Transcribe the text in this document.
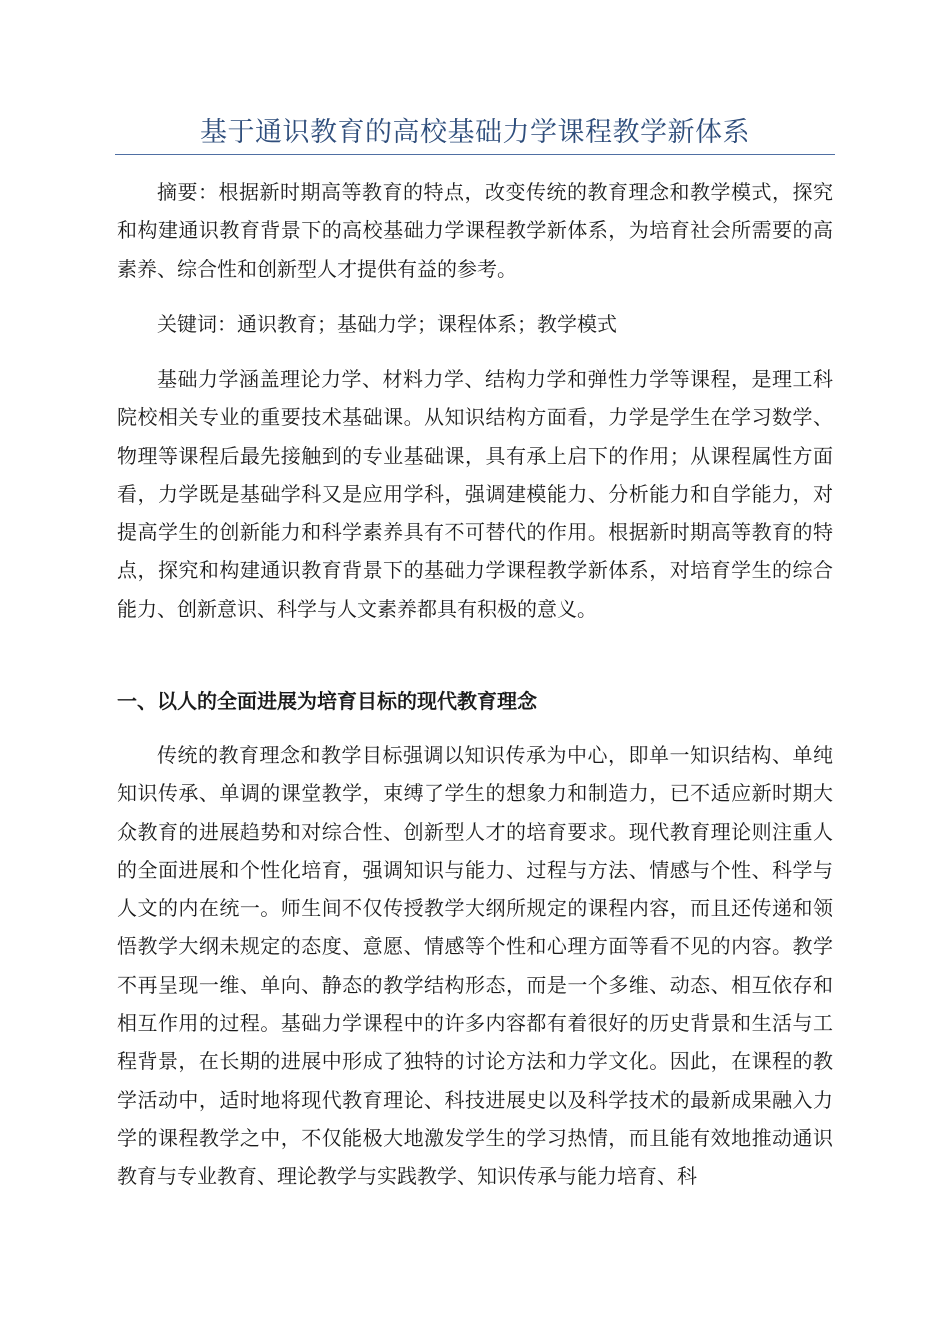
基于通识教育的高校基础力学课程教学新体系
摘要：根据新时期高等教育的特点，改变传统的教育理念和教学模式，探究和构建通识教育背景下的高校基础力学课程教学新体系，为培育社会所需要的高素养、综合性和创新型人才提供有益的参考。
关键词：通识教育；基础力学；课程体系；教学模式
基础力学涵盖理论力学、材料力学、结构力学和弹性力学等课程，是理工科院校相关专业的重要技术基础课。从知识结构方面看，力学是学生在学习数学、物理等课程后最先接触到的专业基础课，具有承上启下的作用；从课程属性方面看，力学既是基础学科又是应用学科，强调建模能力、分析能力和自学能力，对提高学生的创新能力和科学素养具有不可替代的作用。根据新时期高等教育的特点，探究和构建通识教育背景下的基础力学课程教学新体系，对培育学生的综合能力、创新意识、科学与人文素养都具有积极的意义。
一、以人的全面进展为培育目标的现代教育理念
传统的教育理念和教学目标强调以知识传承为中心，即单一知识结构、单纯知识传承、单调的课堂教学，束缚了学生的想象力和制造力，已不适应新时期大众教育的进展趋势和对综合性、创新型人才的培育要求。现代教育理论则注重人的全面进展和个性化培育，强调知识与能力、过程与方法、情感与个性、科学与人文的内在统一。师生间不仅传授教学大纲所规定的课程内容，而且还传递和领悟教学大纲未规定的态度、意愿、情感等个性和心理方面等看不见的内容。教学不再呈现一维、单向、静态的教学结构形态，而是一个多维、动态、相互依存和相互作用的过程。基础力学课程中的许多内容都有着很好的历史背景和生活与工程背景，在长期的进展中形成了独特的讨论方法和力学文化。因此，在课程的教学活动中，适时地将现代教育理论、科技进展史以及科学技术的最新成果融入力学的课程教学之中，不仅能极大地激发学生的学习热情，而且能有效地推动通识教育与专业教育、理论教学与实践教学、知识传承与能力培育、科
